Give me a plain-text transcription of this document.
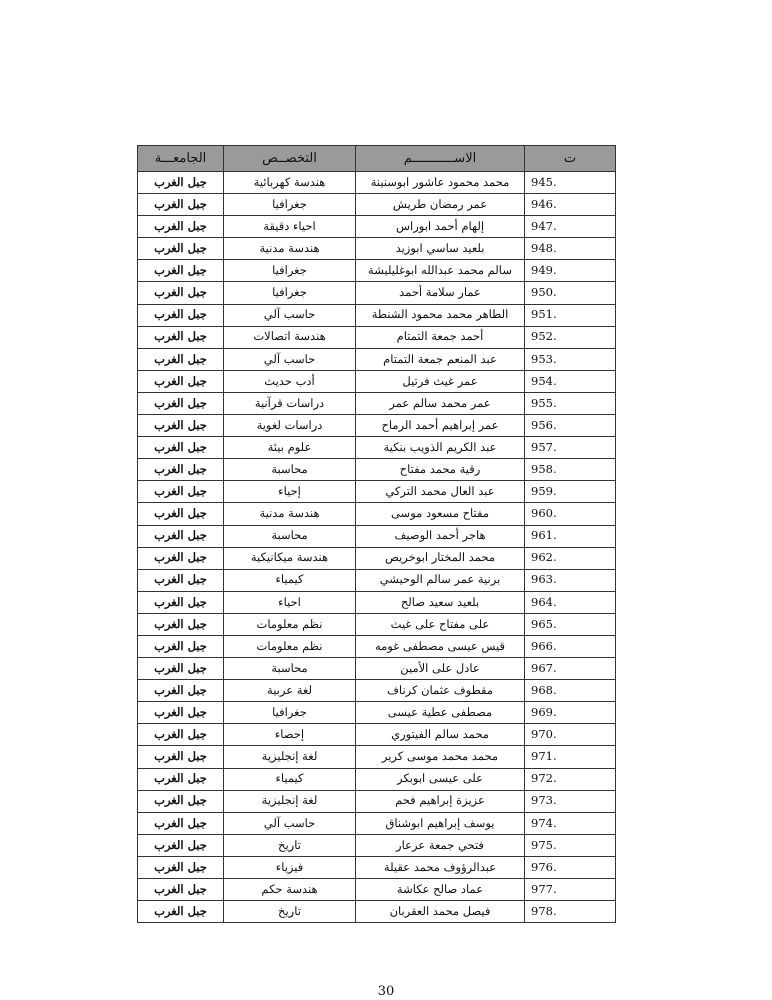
ت	الاســـــــــــم	التخصــص	الجامعـــة
945.	محمد محمود عاشور ابوسنينة	هندسة كهربائية	جبل الغرب
946.	عمر رمضان طريش	جغرافيا	جبل الغرب
947.	إلهام أحمد ابوراس	احياء دقيقة	جبل الغرب
948.	بلعيد ساسي ابوزيد	هندسة مدنية	جبل الغرب
949.	سالم محمد عبدالله ابوغليليشة	جغرافيا	جبل الغرب
950.	عمار سلامة أحمد	جغرافيا	جبل الغرب
951.	الطاهر محمد محمود الشنطة	حاسب آلي	جبل الغرب
952.	أحمد جمعة التمتام	هندسة اتصالات	جبل الغرب
953.	عبد المنعم جمعة التمتام	حاسب آلي	جبل الغرب
954.	عمر غيث فرتيل	أدب حديث	جبل الغرب
955.	عمر محمد سالم عمر	دراسات قرآنية	جبل الغرب
956.	عمر إبراهيم أحمد الرماح	دراسات لغوية	جبل الغرب
957.	عبد الكريم الذويب بنكية	علوم بيئة	جبل الغرب
958.	رقية محمد مفتاح	محاسبة	جبل الغرب
959.	عبد العال محمد التركي	إحياء	جبل الغرب
960.	مفتاح مسعود موسى	هندسة مدنية	جبل الغرب
961.	هاجر أحمد الوصيف	محاسبة	جبل الغرب
962.	محمد المختار ابوخريص	هندسة ميكانيكية	جبل الغرب
963.	برنية عمر سالم الوحيشي	كيمياء	جبل الغرب
964.	بلعيد سعيد صالح	احياء	جبل الغرب
965.	على مفتاح على غيث	نظم معلومات	جبل الغرب
966.	قيس عيسى مصطفى غومه	نظم معلومات	جبل الغرب
967.	عادل على الأمين	محاسبة	جبل الغرب
968.	مقطوف عثمان كرناف	لغة عربية	جبل الغرب
969.	مصطفى عطية عيسى	جغرافيا	جبل الغرب
970.	محمد سالم الفيتوري	إحصاء	جبل الغرب
971.	محمد محمد موسى كرير	لغة إنجليزية	جبل الغرب
972.	على عيسى ابوبكر	كيمياء	جبل الغرب
973.	عزيزة إبراهيم فحم	لغة إنجليزية	جبل الغرب
974.	يوسف إبراهيم ابوشناق	حاسب آلي	جبل الغرب
975.	فتحي جمعة عرعار	تاريخ	جبل الغرب
976.	عبدالرؤوف محمد عقيلة	فيزياء	جبل الغرب
977.	عماد صالح عكاشة	هندسة حكم	جبل الغرب
978.	فيصل محمد العقربان	تاريخ	جبل الغرب
30
